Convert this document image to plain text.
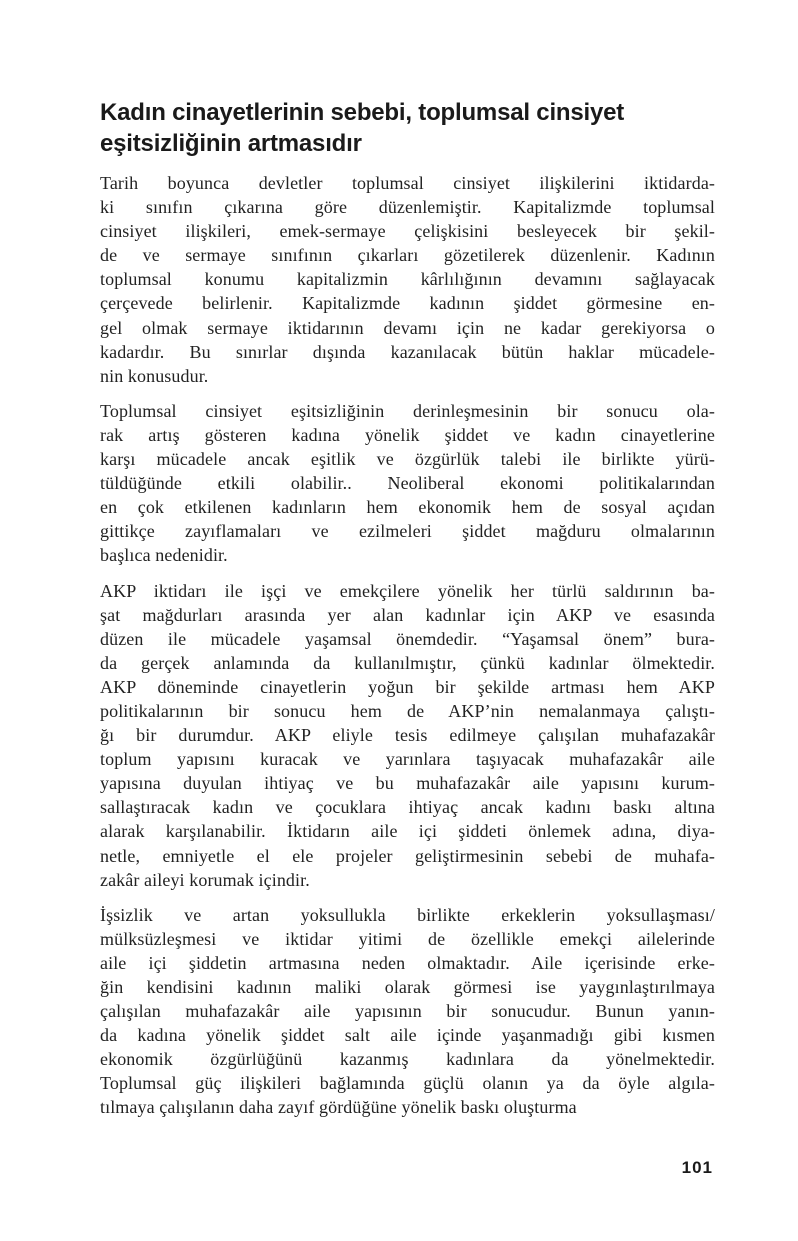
Kadın cinayetlerinin sebebi, toplumsal cinsiyet
eşitsizliğinin artmasıdır

Tarih boyunca devletler toplumsal cinsiyet ilişkilerini iktidarda-
ki sınıfın çıkarına göre düzenlemiştir. Kapitalizmde toplumsal
cinsiyet ilişkileri, emek-sermaye çelişkisini besleyecek bir şekil-
de ve sermaye sınıfının çıkarları gözetilerek düzenlenir. Kadının
toplumsal konumu kapitalizmin kârlılığının devamını sağlayacak
çerçevede belirlenir. Kapitalizmde kadının şiddet görmesine en-
gel olmak sermaye iktidarının devamı için ne kadar gerekiyorsa o
kadardır. Bu sınırlar dışında kazanılacak bütün haklar mücadele-
nin konusudur.

Toplumsal cinsiyet eşitsizliğinin derinleşmesinin bir sonucu ola-
rak artış gösteren kadına yönelik şiddet ve kadın cinayetlerine
karşı mücadele ancak eşitlik ve özgürlük talebi ile birlikte yürü-
tüldüğünde etkili olabilir.. Neoliberal ekonomi politikalarından
en çok etkilenen kadınların hem ekonomik hem de sosyal açıdan
gittikçe zayıflamaları ve ezilmeleri şiddet mağduru olmalarının
başlıca nedenidir.

AKP iktidarı ile işçi ve emekçilere yönelik her türlü saldırının ba-
şat mağdurları arasında yer alan kadınlar için AKP ve esasında
düzen ile mücadele yaşamsal önemdedir. “Yaşamsal önem” bura-
da gerçek anlamında da kullanılmıştır, çünkü kadınlar ölmektedir.
AKP döneminde cinayetlerin yoğun bir şekilde artması hem AKP
politikalarının bir sonucu hem de AKP’nin nemalanmaya çalıştı-
ğı bir durumdur. AKP eliyle tesis edilmeye çalışılan muhafazakâr
toplum yapısını kuracak ve yarınlara taşıyacak muhafazakâr aile
yapısına duyulan ihtiyaç ve bu muhafazakâr aile yapısını kurum-
sallaştıracak kadın ve çocuklara ihtiyaç ancak kadını baskı altına
alarak karşılanabilir. İktidarın aile içi şiddeti önlemek adına, diya-
netle, emniyetle el ele projeler geliştirmesinin sebebi de muhafa-
zakâr aileyi korumak içindir.

İşsizlik ve artan yoksullukla birlikte erkeklerin yoksullaşması/
mülksüzleşmesi ve iktidar yitimi de özellikle emekçi ailelerinde
aile içi şiddetin artmasına neden olmaktadır. Aile içerisinde erke-
ğin kendisini kadının maliki olarak görmesi ise yaygınlaştırılmaya
çalışılan muhafazakâr aile yapısının bir sonucudur. Bunun yanın-
da kadına yönelik şiddet salt aile içinde yaşanmadığı gibi kısmen
ekonomik özgürlüğünü kazanmış kadınlara da yönelmektedir.
Toplumsal güç ilişkileri bağlamında güçlü olanın ya da öyle algıla-
tılmaya çalışılanın daha zayıf gördüğüne yönelik baskı oluşturma

101
